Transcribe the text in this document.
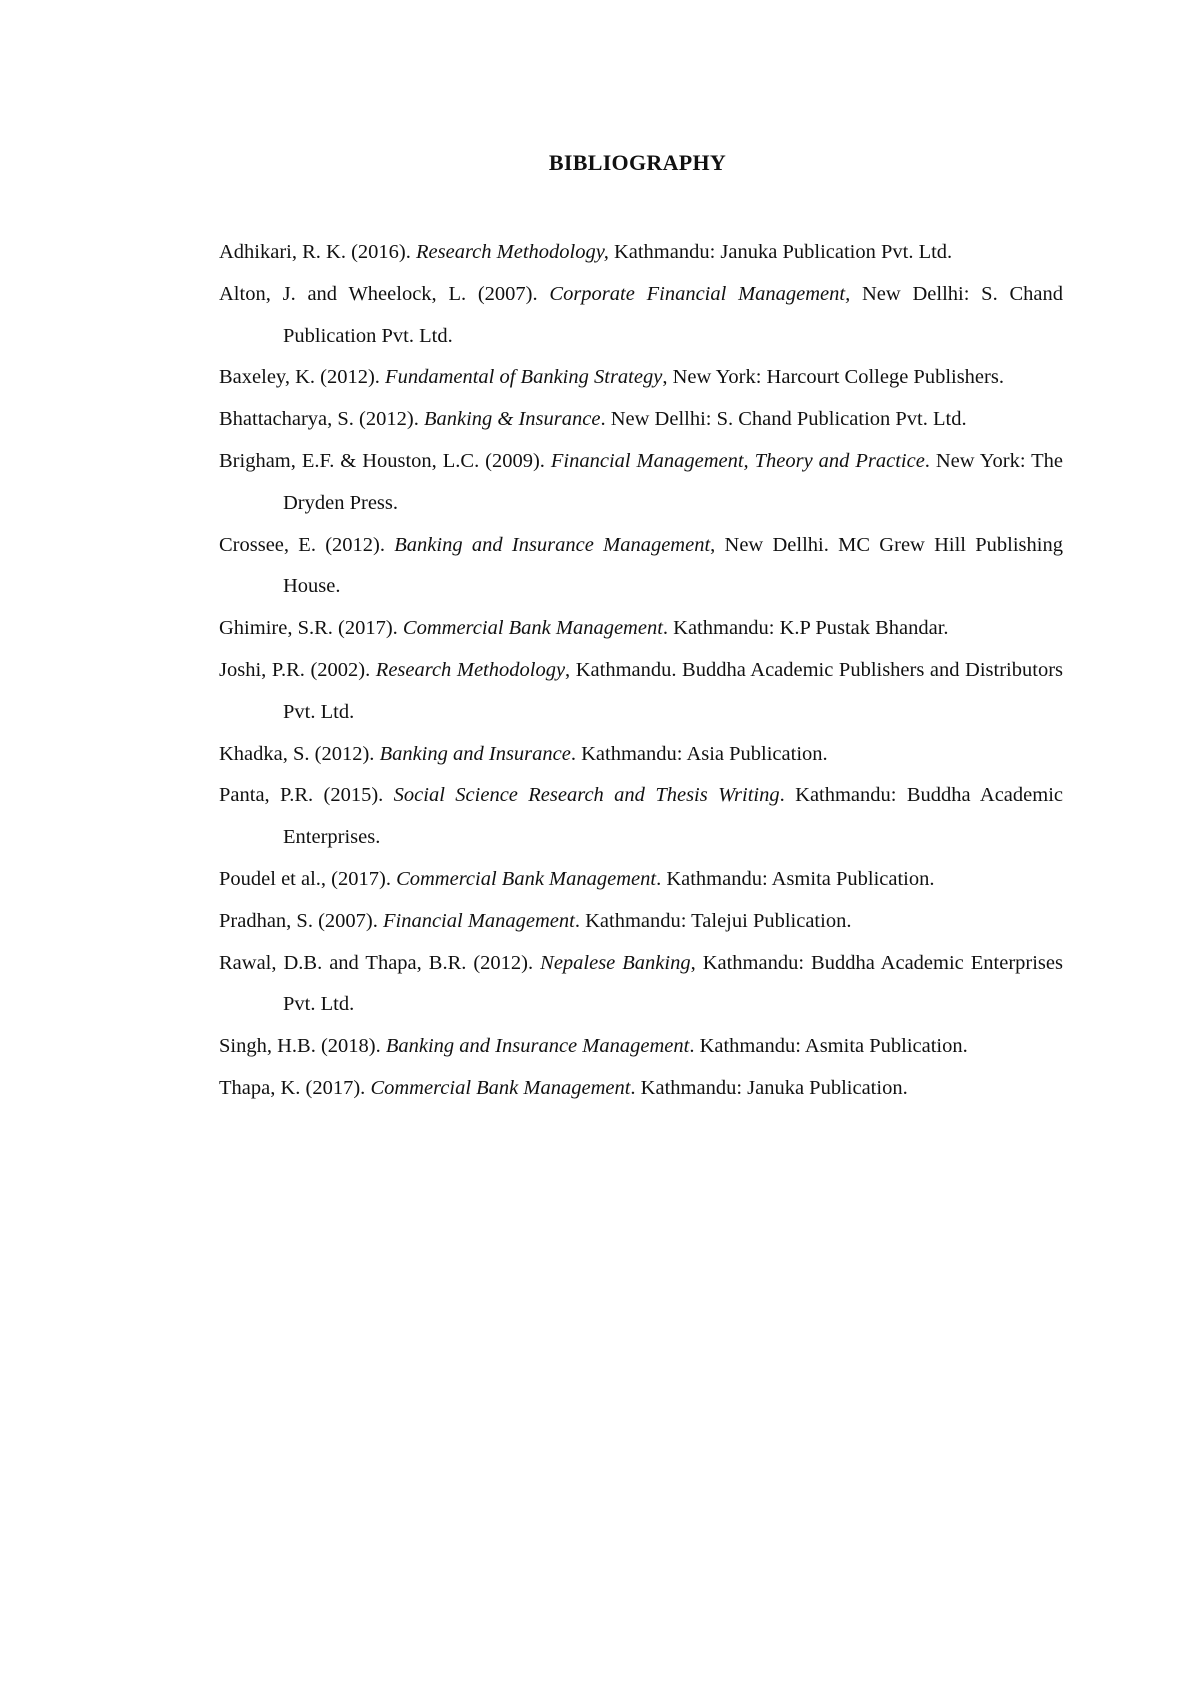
BIBLIOGRAPHY

Adhikari, R. K. (2016). Research Methodology, Kathmandu: Januka Publication Pvt. Ltd.

Alton, J. and Wheelock, L. (2007). Corporate Financial Management, New Dellhi: S. Chand Publication Pvt. Ltd.

Baxeley, K. (2012). Fundamental of Banking Strategy, New York: Harcourt College Publishers.

Bhattacharya, S. (2012). Banking & Insurance. New Dellhi: S. Chand Publication Pvt. Ltd.

Brigham, E.F. & Houston, L.C. (2009). Financial Management, Theory and Practice. New York: The Dryden Press.

Crossee, E. (2012). Banking and Insurance Management, New Dellhi. MC Grew Hill Publishing House.

Ghimire, S.R. (2017). Commercial Bank Management. Kathmandu: K.P Pustak Bhandar.

Joshi, P.R. (2002). Research Methodology, Kathmandu. Buddha Academic Publishers and Distributors Pvt. Ltd.

Khadka, S. (2012). Banking and Insurance. Kathmandu: Asia Publication.

Panta, P.R. (2015). Social Science Research and Thesis Writing. Kathmandu: Buddha Academic Enterprises.

Poudel et al., (2017). Commercial Bank Management. Kathmandu: Asmita Publication.

Pradhan, S. (2007). Financial Management. Kathmandu: Talejui Publication.

Rawal, D.B. and Thapa, B.R. (2012). Nepalese Banking, Kathmandu: Buddha Academic Enterprises Pvt. Ltd.

Singh, H.B. (2018). Banking and Insurance Management. Kathmandu: Asmita Publication.

Thapa, K. (2017). Commercial Bank Management. Kathmandu: Januka Publication.
